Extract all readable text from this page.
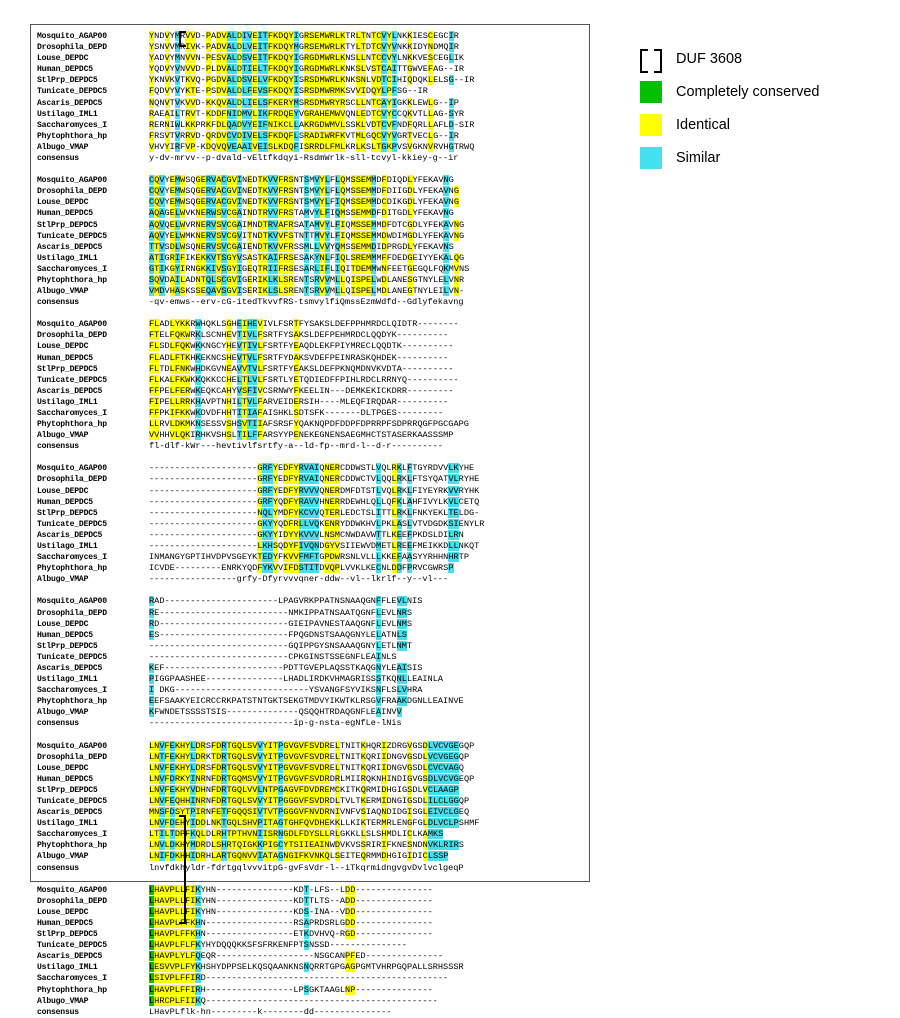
Mosquito_AGAP00	YNDVYMRVVD-PADVALDIVEITFKDQYIGRSEMWRLKTRLTNTCVYLNKKIESCEGCIR
Drosophila_DEPD	YSNVVMRIVK-PADVALDLVEITFKDQYMGRSEMWRLKTYLTDTCVYVNKKIDYNDMQIR
Louse_DEPDC	YADVYMNVVN-PESVALDSVEITFKDQYIGRGDMWRLKNSLLNTCCVYLNKKVESCEGLIK
Human_DEPDC5	YQDVYVNVVD-PLDVALDTIELTFKDQYIGRGDMWRLKNKSLVSTCAITTGWVEFAG--IR
StlPrp_DEPDC5	YKNVKVTKVQ-PGDVALDSVELVFKDQYISRSDMWRLKNKSNLVDTCIHIQDQKLELSG--IR
Tunicate_DEPDC5	FQDVYVYKTE-PSDVALDLFEVSFKDQYISRSDMWRMKSVVIDQYLPFSG--IR
Ascaris_DEPDC5	NQNVTVKVVD-KKQVALDLIELSFKERYMSRSDMWRYRSCLLNTCAYIGKKLEWLG--IP
Ustilago_IML1	RAEAILTRVT-KDDFNIDMVLIKFRDQEYVGRAHEMWVQNLEDTCVYCCQKVTLLAG-SYR
Saccharomyces_I	RERNIWLKKPRKFDLQADVYEIFNIKCLLAKRGDWMVLSSKLVDTCVFNDFQRLLAFLD-SIR
Phytophthora_hp	FRSVTVRRVD-QRDVCVDIVELSFKDQFLSRADIWRFKVTMLGQCVYVGRTVECLG--IR
Albugo_VMAP	VHVYIRFVP-KDQVQVEAAIVEISLKDQFISRRDLFMLKRLKSLTGKPVSVGKNVRVHGTRWQ
consensus	y-dv-mrvv--p-dvald-vEltfkdqyi-RsdmWrlk-sll-tcvyl-kkiey-g--ir
Mosquito_AGAP00	CQVYEMWSQGERVACGVINEDTKVVFRSNTSMVYLFLQMSSEMMDFDIQDLYFEKAVNG
Drosophila_DEPD	CQVYEMWSQGERVACGVINEDTKVVFRSNTSMVYLFLQMSSEMMDFDIIGDLYFEKAVNG
Louse_DEPDC	CQVYEMWSQGERVACGVINEDTKVVFRSNTSMVYLFIQMSSEMMDCDIKGDLYFEKAVNG
Human_DEPDC5	AQAGELWVKNERWSVCGAINDTRVVFRSTAMVYLFIQMSSEMMDFDITGDLYFEKAVNG
StlPrp_DEPDC5	AQVQELWVRNERVSVCGAIMNDTRVAFRSATAMVYLFIQMSSEMMDFDTCGDLYFEKAVNG
Tunicate_DEPDC5	AQVYELWMKNERVSVCGVITNDTKVVFSTNTTMVYLFIQMSSEMMDWDIMGDLYFEKAVNG
Ascaris_DEPDC5	TTVSDLWSQNERVSVCGAIENDTKVVFRSSMLLVVYQMSSEMMDIDPRGDLYFEKAVNS
Ustilago_IML1	ATIGRIFIKEKKVTSGYVSASTKAIFRSESAKYNLFIQLSREMMMFFDEDGEIYYEKALQG
Saccharomyces_I	GTIKGYIRNGKKIVSGYIGEQTRIIFRSESARLIFLIQITDEMMWNFEETGEGQLFQKMVNS
Phytophthora_hp	SQVDAILADNTQLSCGVIGERIKLKLSRENTSRVVMLLQISPELWDLANESGTNYLELVNR
Albugo_VMAP	VMDVHASKSSEQAVSGVISERIKLSLSRENTSRVVMLLQISPELMDLANEGTNYLEILVN-
consensus	-qv-emws--erv-cG-itedTkvvfRS-tsmvylfiQmssEzmWdfd--Gdlyfekavng
Mosquito_AGAP00	FLADLYKKRWHQKLSGHEIHEVIVLFSRTFYSAKSLDEFPPHMRDCLQIDTR--------
Drosophila_DEPD	FTELFQKWRKLSCNHEVTIVLFSRTFYSAKSLDEFPEHMRDCLQQDYK----------
Louse_DEPDC	FLSDLFQKWKKNGCYHEVTIVLFSRTFYEAQDLEKFPIYMRECLQQDTK----------
Human_DEPDC5	FLADLFTKHKEKNCSHEVTVLFSRTFYDAKSVDEFPEINRASKQHDEK----------
StlPrp_DEPDC5	FLTDLFNKWHDKGVNEAVVTVLFSRTFYEAKSLDEFPKNQMDNVKVDTA----------
Tunicate_DEPDC5	FLKALFKWKKQKKCCHELTLVLFSRTLYETQDIEDFFPIHLRDCLRRNYQ----------
Ascaris_DEPDC5	FFPELFERWKEQKCAHYVSFIVCSRNWYFKEELIN---DEMKEKICKDRR---------
Ustilago_IML1	FIPELLRRKHAVPTNHILTVLFARVEIDERSIH----MLEQFIRQDAR----------
Saccharomyces_I	FFPKIFKKWKDVDFHHTITIAFAISHKLSDTSFK-------DLTPGES---------
Phytophthora_hp	LLRVLDKMKNSESSVSHSVTIIAFSRSFYQAKNQPDFDDPFDPRRPFSDPRRQGFPGCGAPG
Albugo_VMAP	VVHHVLQKIRHKVSHSLTILFFARSYYPENEKEGNENSAEGMHCTSTASERKAASSSMP
consensus	fl-dlf-kWr---hevtivlfsrtfy-a--ld-fp--mrd-l--d-r----------
Mosquito_AGAP00	---------------------GRFYEDFYRVAIQNERCDDWSTLVQLRKLFTGYRDVVLKYHE
Drosophila_DEPD	---------------------GRFYEDFYRVAIQNERCDDWCTVLQQLRKLFTSYQATVLRYHE
Louse_DEPDC	---------------------GRFYEDFYRVVVQNERDMFDTSTLVQLRKLFIYEYRKVVRYHK
Human_DEPDC5	---------------------GRFYQDFYRAVVHNERRDEWHLQLLQFKLAHFIVYLKVLCETQ
StlPrp_DEPDC5	---------------------NQLYMDFYKCVVQTERLEDCTSLITTLRKLFNKYEKLTELDG-
Tunicate_DEPDC5	---------------------GKYYQDFRLLVQKENRYDDWKHVLPKLASLVTVDGDKSIENYLR
Ascaris_DEPDC5	---------------------GKYYIDYYKVVVLNSMCNWDAVWTTLKEEFPKDSLDILRN
Ustilago_IML1	---------------------LKHSQDYFIVQNDGYVSIIEWVDMETLREEFMEIKKDLLNKQT
Saccharomyces_I	INMANGYGPTIHVDPVSGEYKTEDYFKVVFMFTGPDWRSNLVLLLKKEFAASYYRHHNHRTP
Phytophthora_hp	ICVDE---------ENRKYQDFYKVVIFDSTITDVQPLVVKLKECNLDDFPRVCGWRSP
Albugo_VMAP	-----------------grfy-Dfyrvvvqner-ddw--vl--lkrlf--y--vl---
Mosquito_AGAP00	RAD----------------------LPAGVRKPPATNSNAAQGNFFLEVLNIS
Drosophila_DEPD	RE-------------------------NMKIPPATNSAATQGNFLEVLNRS
Louse_DEPDC	RD-------------------------GIEIPAVNESTAAQGNFLEVLNMS
Human_DEPDC5	ES-------------------------FPQGDNSTSAAQGNYLELATNLS
StlPrp_DEPDC5	---------------------------GQIPPGYSNSAAAQGNYLETLNMT
Tunicate_DEPDC5	---------------------------CPKGINSTSSEGNFLEAINLS
Ascaris_DEPDC5	KEF-----------------------PDTTGVEPLAQSSTKAQGNYLEAISIS
Ustilago_IML1	PIGGPAASHEE---------------LHADLIRDKVHMAGRISSSTKQNLLEAINLA
Saccharomyces_I	I DKG--------------------------YSVANGFSYVIKSNFLSLVHRA
Phytophthora_hp	EEFSAAKYEICRCCRKPATSTNTGKTSEKGTMDVYIKWTKLRSGVFRAAKDGNLLEAINVE
Albugo_VMAP	KFWNDETSSSSTSIS--------------QSQQHTRDAQGNFLEAINVV
consensus	----------------------------ip-g-nsta-egNfLe-lNis
Mosquito_AGAP00	LNVFEKHYLDRSFDRTGQLSVVYITPGVGVFSVDRELTNITKHQRIZDRGVGSDLVCVGEGQP
Drosophila_DEPD	LNTFEKHYLDRKTDRTGQLSVVYITPGVGVFSVDRELTNITKQRIIDNGVGSDLVCVGEGQP
Louse_DEPDC	LNVFEKHYLDRSFDRTGQLSVVYITPGVGVFSVDRELTNITKQRIIDNGVGSDLCVCVAGQ
Human_DEPDC5	LNVFDRKYINRNFDRTGQMSVVYITPGVGVFSVDRDRLMIIRQKNHINDIGVGSDLVCVGEQP
StlPrp_DEPDC5	LNVFEKHYVDHNFDRTGQLVVLNTPGAGVFDVDREMCKITKQRMIDHGIGSDLVCLAAGP
Tunicate_DEPDC5	LNVFEQHHINRNFDRTGQLSVVYITPGGGVFSVDRDLTVLTKERMIDNGIGSDLILCLGGQP
Ascaris_DEPDC5	MNSFDSYTPIRNFETFGQQSIVTVTPGGGVFNVDRNIVNFVSIAQNDIDGISGLEIVCLGEQ
Ustilago_IML1	LNVFDEHYIDDLNKTGQLSHVPITAGTGHFQVDHEKKLLKIKTERMRLENGFGLDLVCLPSHMF
Saccharomyces_I	LTILTDPFKQLDLRHTPTHVNIISRNGDLFDYSLLRLGKKLLSLSHMDLICLKAMKS
Phytophthora_hp	LNVLDKHYMDRDLSHRTQIGKKPIGCYTSIIEAINWDVKVSSRIRIFKNESNDNVKLRIRS
Albugo_VMAP	LNIFDKHHIDRHLARTGQNVVIATAGNGIFKVNKQLSEITEQRMMDHGIGIDICLSSP
consensus	lnvfdkhyldr-fdrtgqlvvvitpG-gvFsVdr-l--iTkqrmidngvgvDvlvclgeqP
Mosquito_AGAP00	LHAVPLLFIKYHN---------------KDT-LFS--LDD---------------
Drosophila_DEPD	LHAVPLLFIKYHN---------------KDTTLTS--ADD---------------
Louse_DEPDC	LHAVPLLFIKYHN---------------KDS-INA--VDD---------------
Human_DEPDC5	LHAVPLFFKHN-----------------RSAPRDSRLGDD---------------
StlPrp_DEPDC5	LHAVPLFFKHN-----------------ETKDVHVQ-RGD---------------
Tunicate_DEPDC5	LHAVPLFLFKYHYDQQQKKSFSFRKENFPTSNSSD---------------
Ascaris_DEPDC5	LHAVPLYLFQEQR-------------------NSGCANPFED---------------
Ustilago_IML1	LESVVPLFYKHSHYDPPSELKQSQAANKNSNQRRTGPGAGPGMTVHRPGQPALLSRHSSSR
Saccharomyces_I	LSIVPLFFIRD-----------------------------------------------
Phytophthora_hp	LHAVPLFFIRH-----------------LPSGKTAAGLNP---------------
Albugo_VMAP	LHRCPLFIIKQ---------------------------------------------
consensus	LHavPLflk-hn---------k--------dd---------------
DUF 3608
Completely conserved
Identical
Similar
